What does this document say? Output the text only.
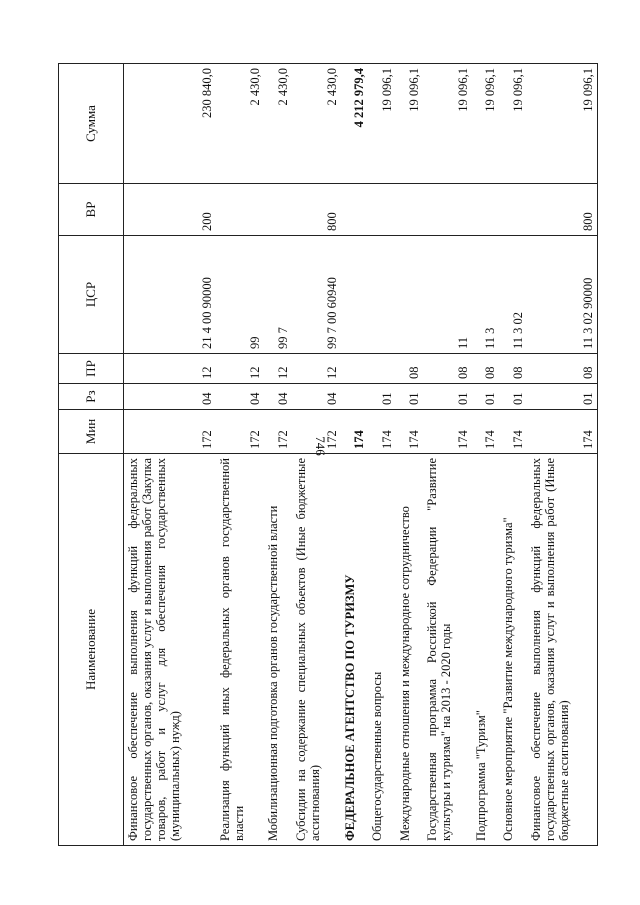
746
Наименование	Мин	Рз	ПР	ЦСР	ВР	Сумма
Финансовое обеспечение выполнения функций федеральных государственных органов, оказания услуг и выполнения работ (Закупка товаров, работ и услуг для обеспечения государственных (муниципальных) нужд)	172	04	12	21 4 00 90000	200	230 840,0
Реализация функций иных федеральных органов государственной власти	172	04	12	99		2 430,0
Мобилизационная подготовка органов государственной власти	172	04	12	99 7		2 430,0
Субсидии на содержание специальных объектов (Иные бюджетные ассигнования)	172	04	12	99 7 00 60940	800	2 430,0
ФЕДЕРАЛЬНОЕ АГЕНТСТВО ПО ТУРИЗМУ	174					4 212 979,4
Общегосударственные вопросы	174	01				19 096,1
Международные отношения и международное сотрудничество	174	01	08			19 096,1
Государственная программа Российской Федерации "Развитие культуры и туризма" на 2013 - 2020 годы	174	01	08	11		19 096,1
Подпрограмма "Туризм"	174	01	08	11 3		19 096,1
Основное мероприятие "Развитие международного туризма"	174	01	08	11 3 02		19 096,1
Финансовое обеспечение выполнения функций федеральных государственных органов, оказания услуг и выполнения работ (Иные бюджетные ассигнования)	174	01	08	11 3 02 90000	800	19 096,1
